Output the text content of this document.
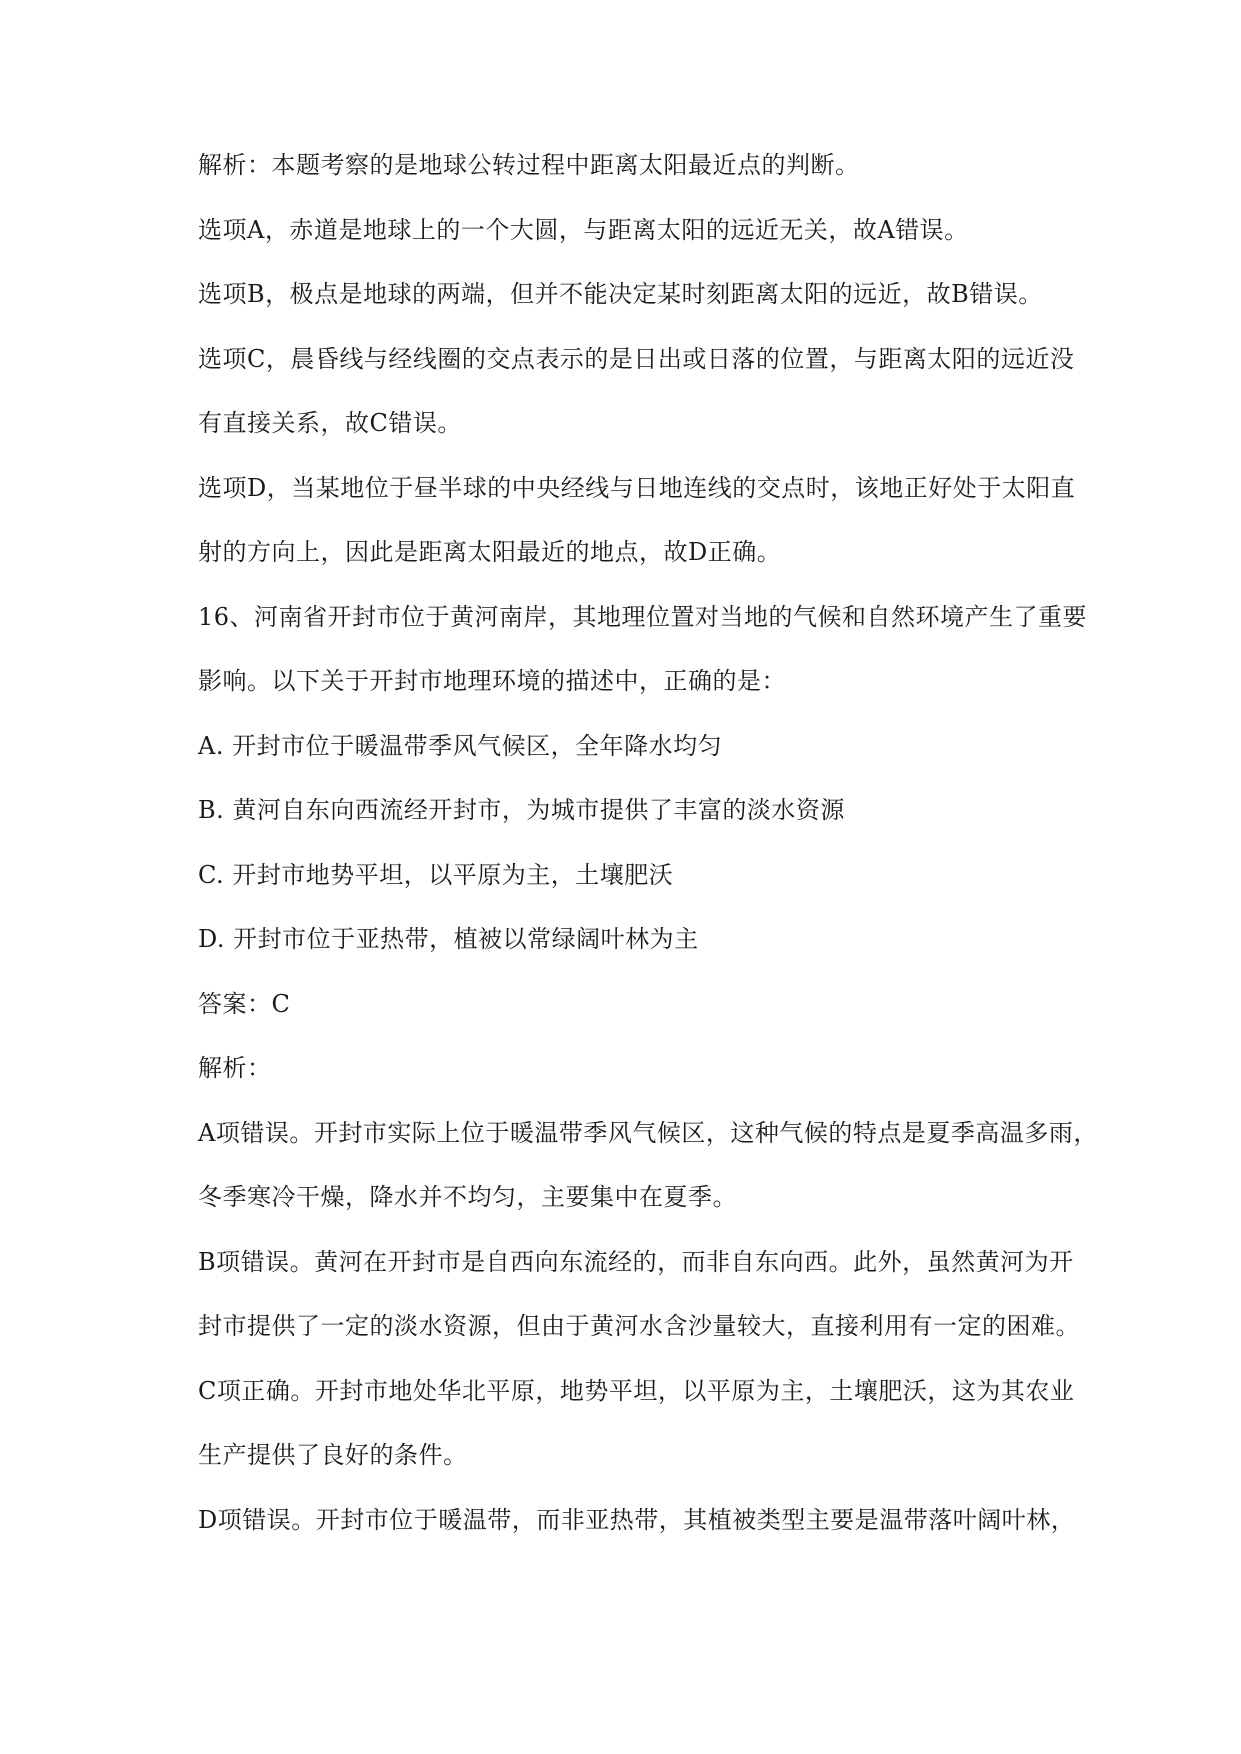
解析：本题考察的是地球公转过程中距离太阳最近点的判断。
选项A，赤道是地球上的一个大圆，与距离太阳的远近无关，故A错误。
选项B，极点是地球的两端，但并不能决定某时刻距离太阳的远近，故B错误。
选项C，晨昏线与经线圈的交点表示的是日出或日落的位置，与距离太阳的远近没
有直接关系，故C错误。
选项D，当某地位于昼半球的中央经线与日地连线的交点时，该地正好处于太阳直
射的方向上，因此是距离太阳最近的地点，故D正确。
16、河南省开封市位于黄河南岸，其地理位置对当地的气候和自然环境产生了重要
影响。以下关于开封市地理环境的描述中，正确的是：
A. 开封市位于暖温带季风气候区，全年降水均匀
B. 黄河自东向西流经开封市，为城市提供了丰富的淡水资源
C. 开封市地势平坦，以平原为主，土壤肥沃
D. 开封市位于亚热带，植被以常绿阔叶林为主
答案：C
解析：
A项错误。开封市实际上位于暖温带季风气候区，这种气候的特点是夏季高温多雨，
冬季寒冷干燥，降水并不均匀，主要集中在夏季。
B项错误。黄河在开封市是自西向东流经的，而非自东向西。此外，虽然黄河为开
封市提供了一定的淡水资源，但由于黄河水含沙量较大，直接利用有一定的困难。
C项正确。开封市地处华北平原，地势平坦，以平原为主，土壤肥沃，这为其农业
生产提供了良好的条件。
D项错误。开封市位于暖温带，而非亚热带，其植被类型主要是温带落叶阔叶林，
